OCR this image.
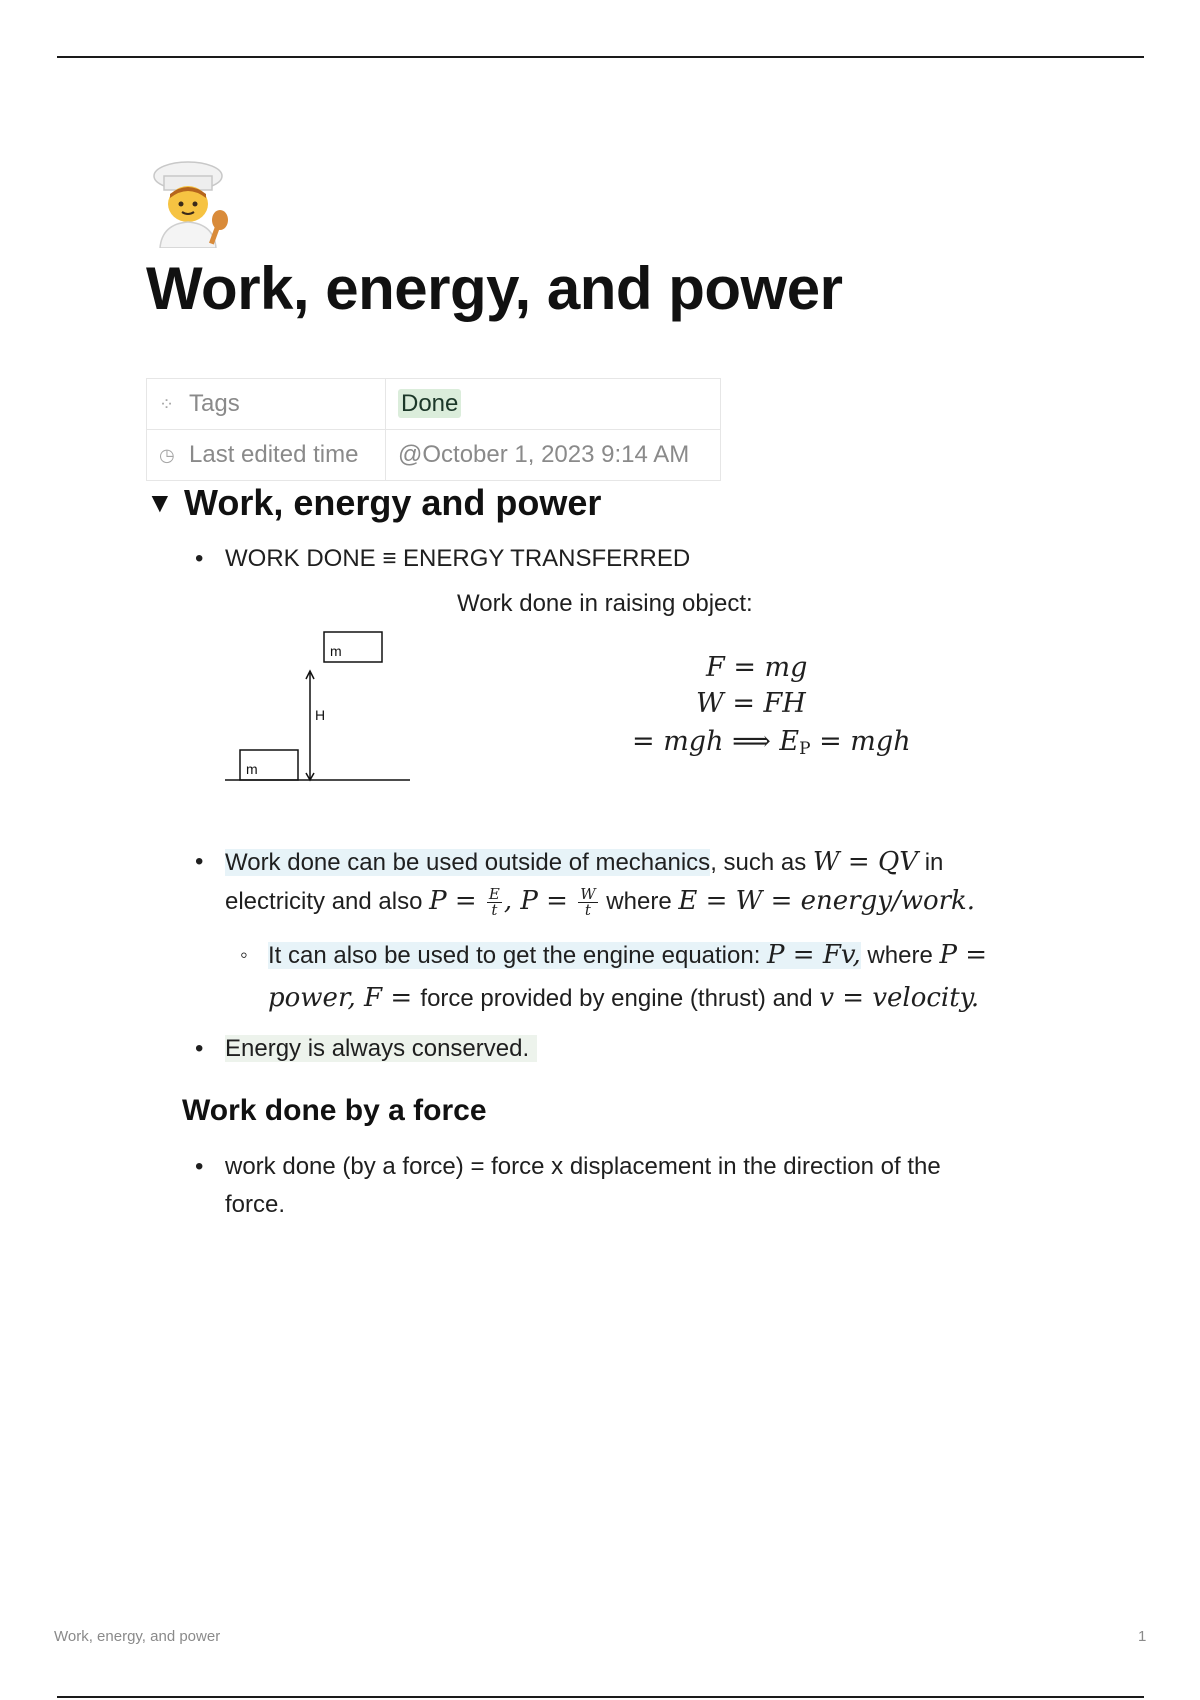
Work, energy, and power
⁘ Tags	Done
◷ Last edited time	@October 1, 2023 9:14 AM
▼ Work, energy and power
• WORK DONE ≡ ENERGY TRANSFERRED
Work done in raising object:
m
m
H
F = mg
W = FH
= mgh ⟹ $E_P$ = mgh
• Work done can be used outside of mechanics, such as W = QV in
electricity and also $P = \frac{E}{t}$ , $P = \frac{W}{t}$ where E = W = energy/work.
◦ It can also be used to get the engine equation: P = Fv, where P =
power, F = force provided by engine (thrust) and v = velocity.
• Energy is always conserved.
Work done by a force
• work done (by a force) = force x displacement in the direction of the
force.
Work, energy, and power	1
